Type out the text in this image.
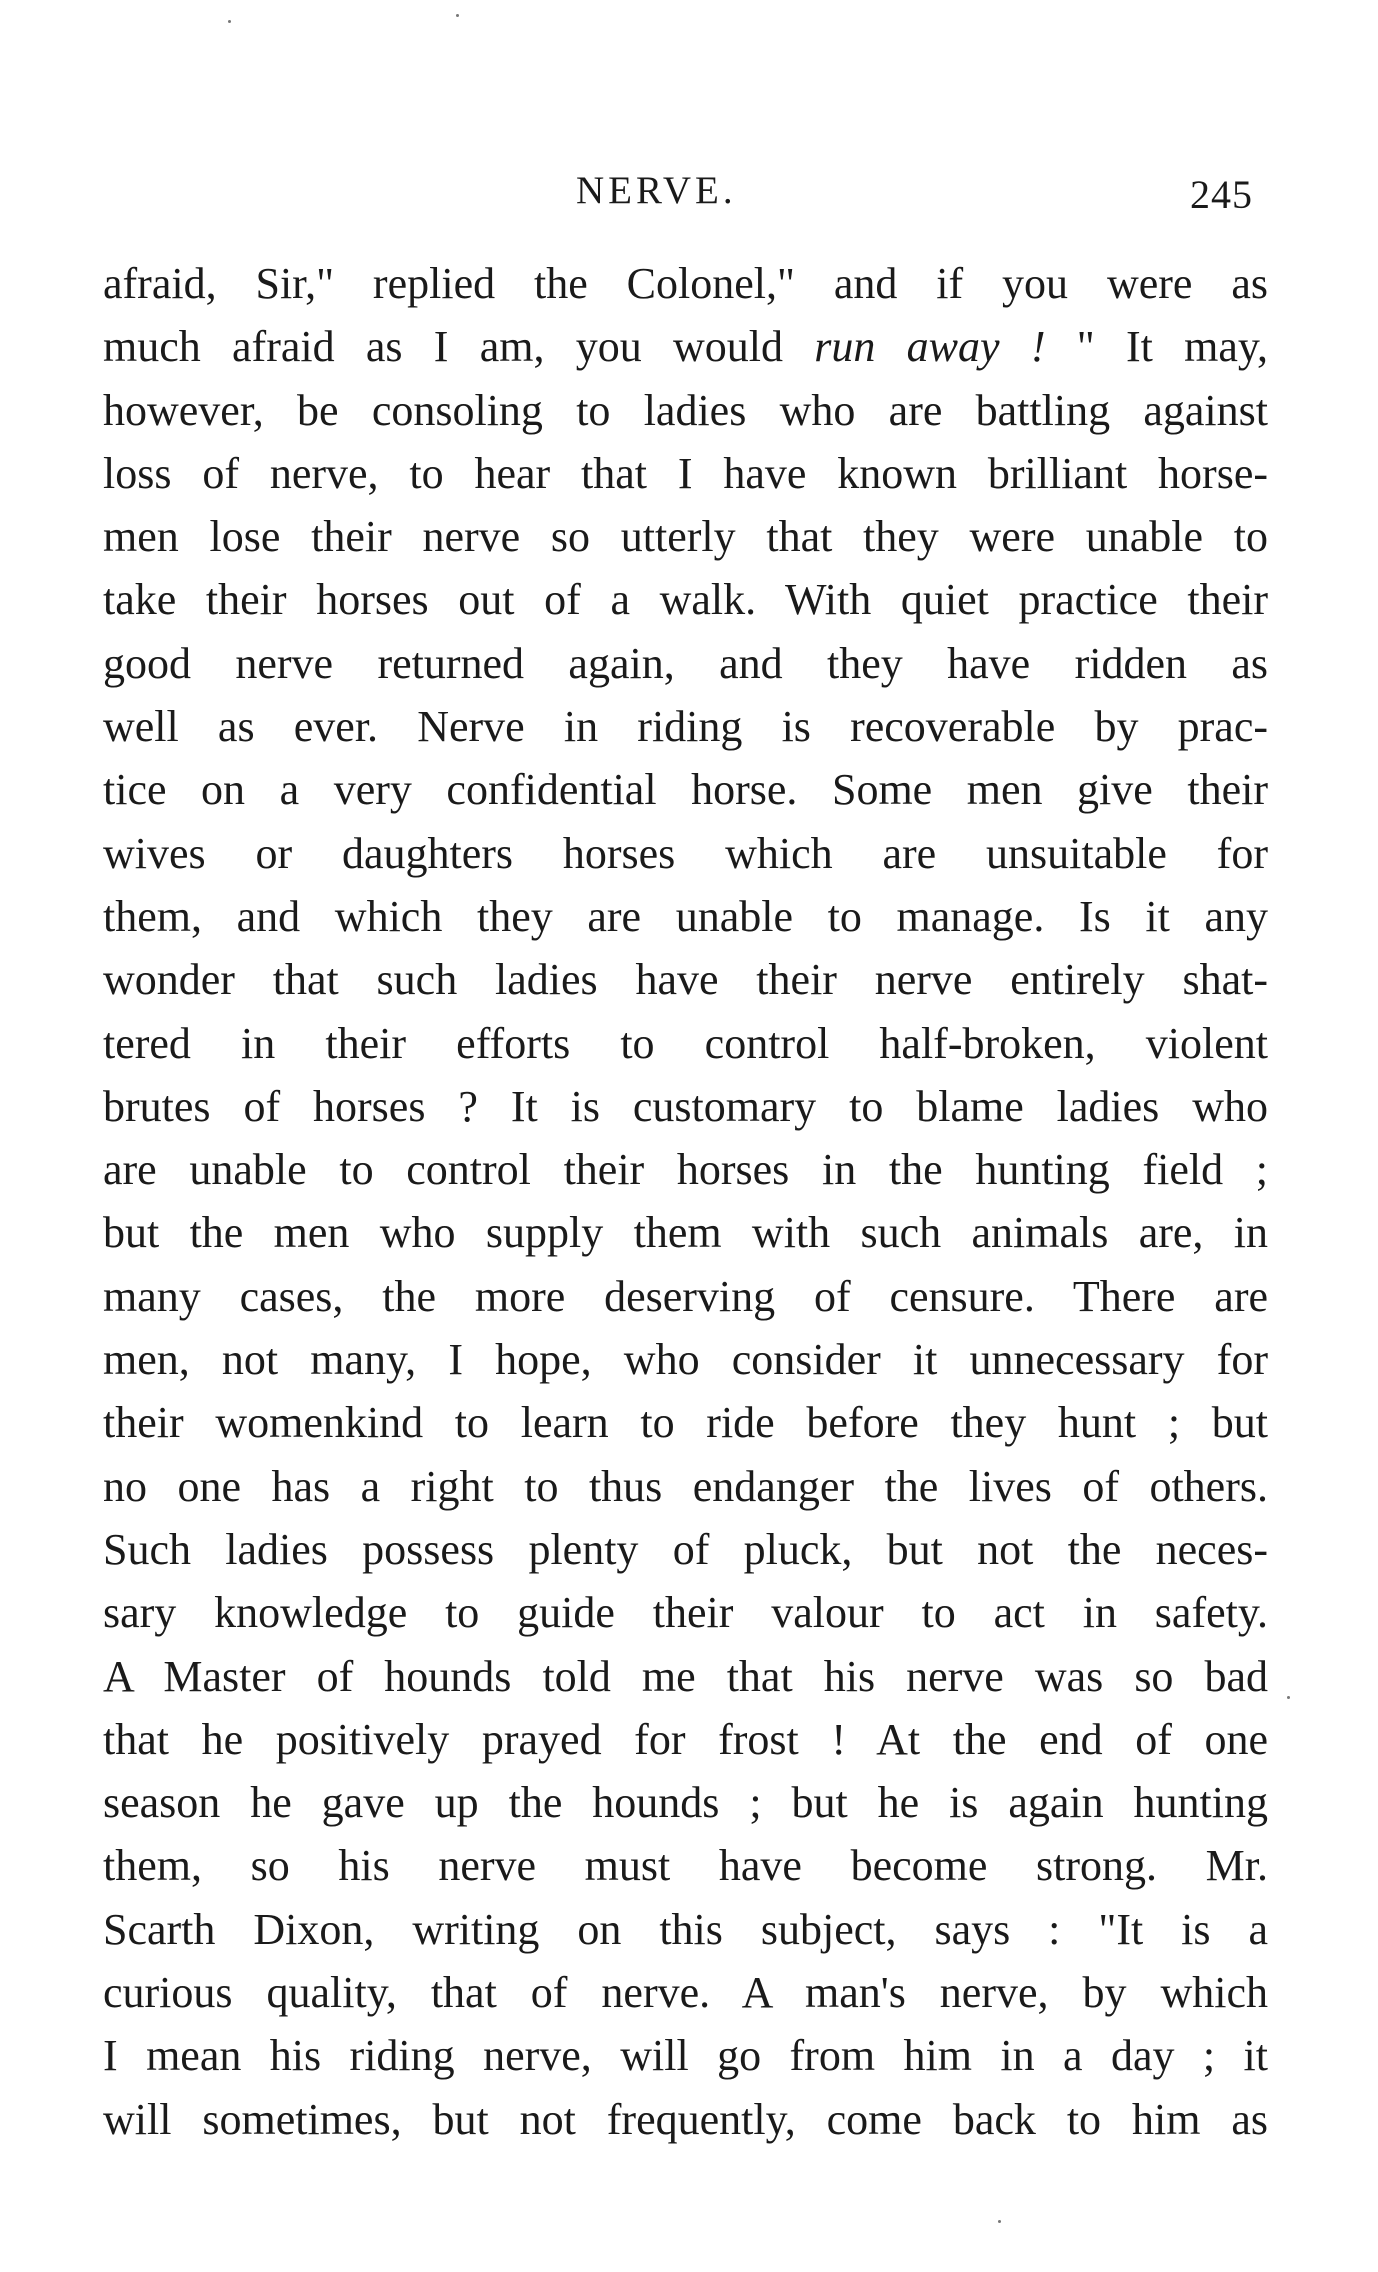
NERVE.	245
afraid, Sir," replied the Colonel," and if you were as
much afraid as I am, you would run away ! " It may,
however, be consoling to ladies who are battling against
loss of nerve, to hear that I have known brilliant horse-
men lose their nerve so utterly that they were unable to
take their horses out of a walk. With quiet practice their
good nerve returned again, and they have ridden as
well as ever. Nerve in riding is recoverable by prac-
tice on a very confidential horse. Some men give their
wives or daughters horses which are unsuitable for
them, and which they are unable to manage. Is it any
wonder that such ladies have their nerve entirely shat-
tered in their efforts to control half-broken, violent
brutes of horses ? It is customary to blame ladies who
are unable to control their horses in the hunting field ;
but the men who supply them with such animals are, in
many cases, the more deserving of censure. There are
men, not many, I hope, who consider it unnecessary for
their womenkind to learn to ride before they hunt ; but
no one has a right to thus endanger the lives of others.
Such ladies possess plenty of pluck, but not the neces-
sary knowledge to guide their valour to act in safety.
A Master of hounds told me that his nerve was so bad
that he positively prayed for frost ! At the end of one
season he gave up the hounds ; but he is again hunting
them, so his nerve must have become strong. Mr.
Scarth Dixon, writing on this subject, says : "It is a
curious quality, that of nerve. A man's nerve, by which
I mean his riding nerve, will go from him in a day ; it
will sometimes, but not frequently, come back to him as
